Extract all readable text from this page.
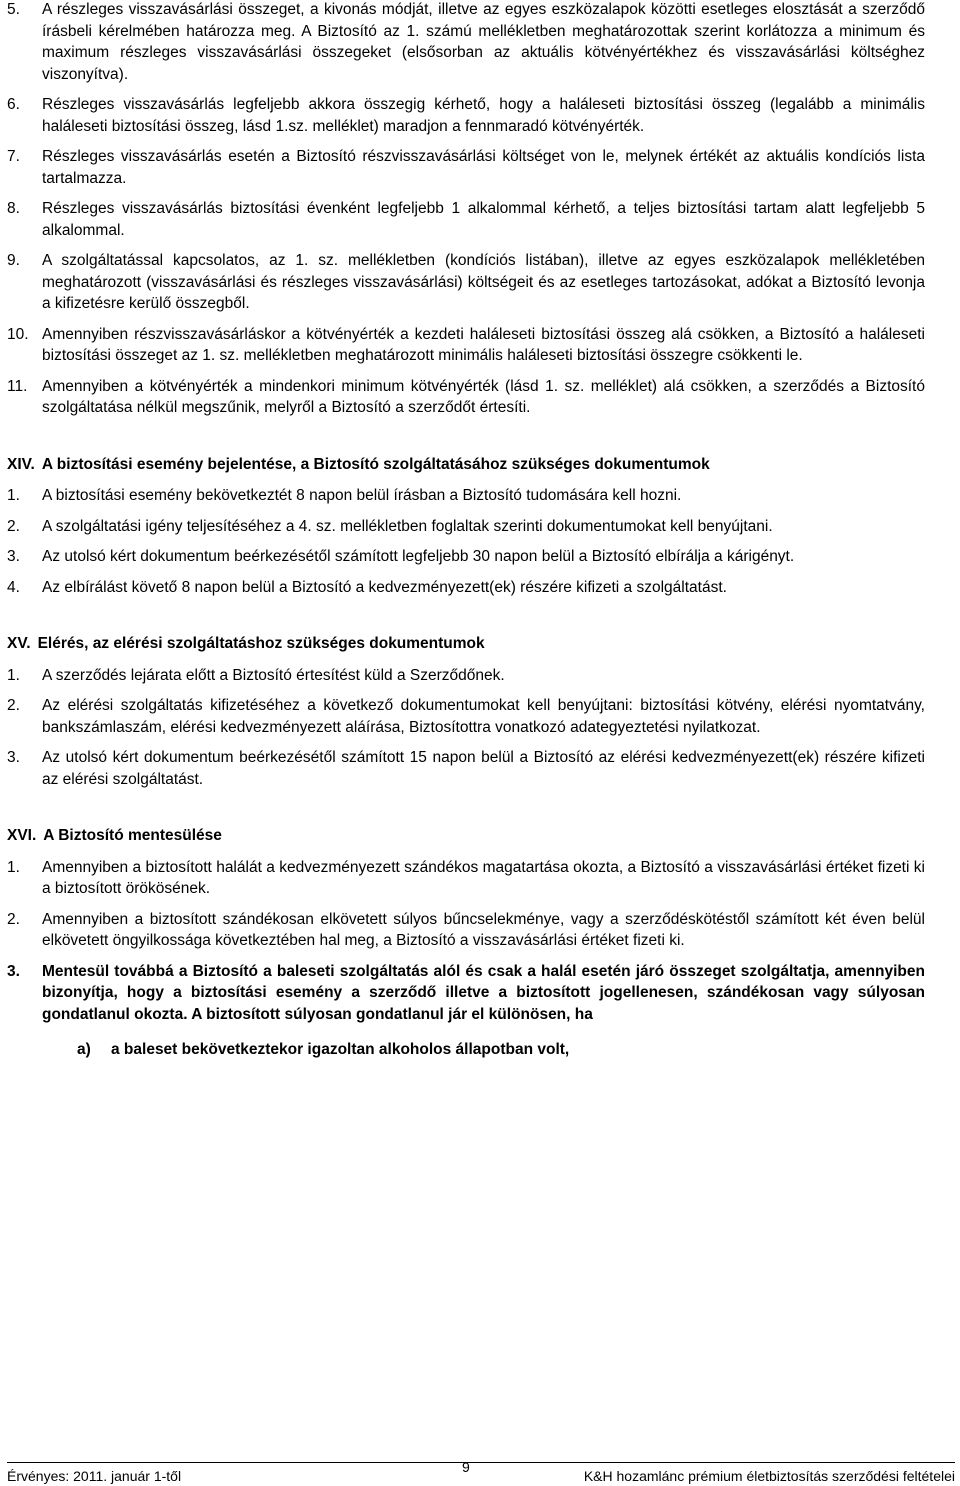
5.	A részleges visszavásárlási összeget, a kivonás módját, illetve az egyes eszközalapok közötti esetleges elosztását a szerződő írásbeli kérelmében határozza meg. A Biztosító az 1. számú mellékletben meghatározottak szerint korlátozza a minimum és maximum részleges visszavásárlási összegeket (elsősorban az aktuális kötvényértékhez és visszavásárlási költséghez viszonyítva).
6.	Részleges visszavásárlás legfeljebb akkora összegig kérhető, hogy a haláleseti biztosítási összeg (legalább a minimális haláleseti biztosítási összeg, lásd 1.sz. melléklet) maradjon a fennmaradó kötvényérték.
7.	Részleges visszavásárlás esetén a Biztosító részvisszavásárlási költséget von le, melynek értékét az aktuális kondíciós lista tartalmazza.
8.	Részleges visszavásárlás biztosítási évenként legfeljebb 1 alkalommal kérhető, a teljes biztosítási tartam alatt legfeljebb 5 alkalommal.
9.	A szolgáltatással kapcsolatos, az 1. sz. mellékletben (kondíciós listában), illetve az egyes eszközalapok mellékletében meghatározott (visszavásárlási és részleges visszavásárlási) költségeit és az esetleges tartozásokat, adókat a Biztosító levonja a kifizetésre kerülő összegből.
10. Amennyiben részvisszavásárláskor a kötvényérték a kezdeti haláleseti biztosítási összeg alá csökken, a Biztosító a haláleseti biztosítási összeget az 1. sz. mellékletben meghatározott minimális haláleseti biztosítási összegre csökkenti le.
11. Amennyiben a kötvényérték a mindenkori minimum kötvényérték (lásd 1. sz. melléklet) alá csökken, a szerződés a Biztosító szolgáltatása nélkül megszűnik, melyről a Biztosító a szerződőt értesíti.
XIV. A biztosítási esemény bejelentése, a Biztosító szolgáltatásához szükséges dokumentumok
1.	A biztosítási esemény bekövetkeztét 8 napon belül írásban a Biztosító tudomására kell hozni.
2.	A szolgáltatási igény teljesítéséhez a 4. sz. mellékletben foglaltak szerinti dokumentumokat kell benyújtani.
3.	Az utolsó kért dokumentum beérkezésétől számított legfeljebb 30 napon belül a Biztosító elbírálja a kárigényt.
4.	Az elbírálást követő 8 napon belül a Biztosító a kedvezményezett(ek) részére kifizeti a szolgáltatást.
XV. Elérés, az elérési szolgáltatáshoz szükséges dokumentumok
1.	A szerződés lejárata előtt a Biztosító értesítést küld a Szerződőnek.
2.	Az elérési szolgáltatás kifizetéséhez a következő dokumentumokat kell benyújtani: biztosítási kötvény, elérési nyomtatvány, bankszámlaszám, elérési kedvezményezett aláírása, Biztosítottra vonatkozó adategyeztetési nyilatkozat.
3.	Az utolsó kért dokumentum beérkezésétől számított 15 napon belül a Biztosító az elérési kedvezményezett(ek) részére kifizeti az elérési szolgáltatást.
XVI. A Biztosító mentesülése
1.	Amennyiben a biztosított halálát a kedvezményezett szándékos magatartása okozta, a Biztosító a visszavásárlási értéket fizeti ki a biztosított örökösének.
2.	Amennyiben a biztosított szándékosan elkövetett súlyos bűncselekménye, vagy a szerződéskötéstől számított két éven belül elkövetett öngyilkossága következtében hal meg, a Biztosító a visszavásárlási értéket fizeti ki.
3.	Mentesül továbbá a Biztosító a baleseti szolgáltatás alól és csak a halál esetén járó összeget szolgáltatja, amennyiben bizonyítja, hogy a biztosítási esemény a szerződő illetve a biztosított jogellenesen, szándékosan vagy súlyosan gondatlanul okozta. A biztosított súlyosan gondatlanul jár el különösen, ha
a)	a baleset bekövetkeztekor igazoltan alkoholos állapotban volt,
Érvényes: 2011. január 1-től
9
K&H hozamlánc prémium életbiztosítás szerződési feltételei
